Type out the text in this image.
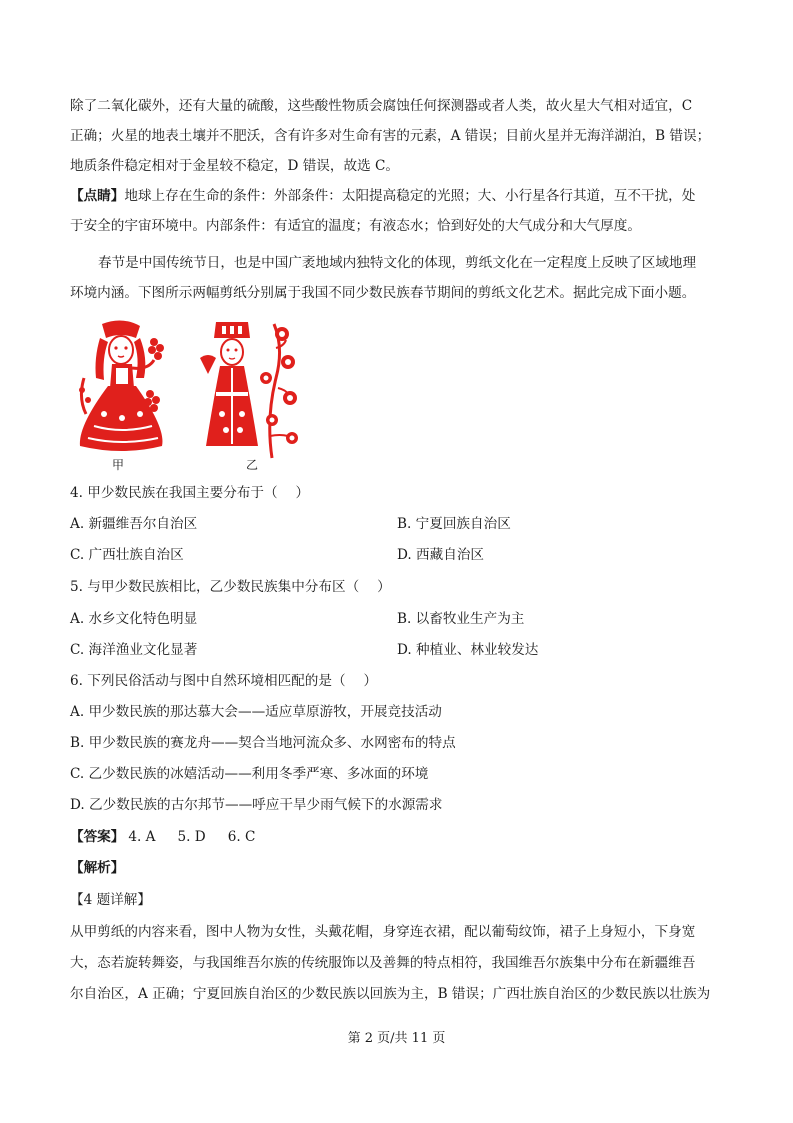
除了二氧化碳外，还有大量的硫酸，这些酸性物质会腐蚀任何探测器或者人类，故火星大气相对适宜，C
正确；火星的地表土壤并不肥沃，含有许多对生命有害的元素，A 错误；目前火星并无海洋湖泊，B 错误；
地质条件稳定相对于金星较不稳定，D 错误，故选 C。
【点睛】地球上存在生命的条件：外部条件：太阳提高稳定的光照；大、小行星各行其道，互不干扰，处
于安全的宇宙环境中。内部条件：有适宜的温度；有液态水；恰到好处的大气成分和大气厚度。
春节是中国传统节日，也是中国广袤地域内独特文化的体现，剪纸文化在一定程度上反映了区域地理
环境内涵。下图所示两幅剪纸分别属于我国不同少数民族春节期间的剪纸文化艺术。据此完成下面小题。
甲	乙
4. 甲少数民族在我国主要分布于（　 ）
A. 新疆维吾尔自治区	B. 宁夏回族自治区
C. 广西壮族自治区	D. 西藏自治区
5. 与甲少数民族相比，乙少数民族集中分布区（　 ）
A. 水乡文化特色明显	B. 以畜牧业生产为主
C. 海洋渔业文化显著	D. 种植业、林业较发达
6. 下列民俗活动与图中自然环境相匹配的是（　 ）
A. 甲少数民族的那达慕大会——适应草原游牧，开展竞技活动
B. 甲少数民族的赛龙舟——契合当地河流众多、水网密布的特点
C. 乙少数民族的冰嬉活动——利用冬季严寒、多冰面的环境
D. 乙少数民族的古尔邦节——呼应干旱少雨气候下的水源需求
【答案】 4. A 5. D 6. C
【解析】
【4 题详解】
从甲剪纸的内容来看，图中人物为女性，头戴花帽，身穿连衣裙，配以葡萄纹饰，裙子上身短小，下身宽
大，态若旋转舞姿，与我国维吾尔族的传统服饰以及善舞的特点相符，我国维吾尔族集中分布在新疆维吾
尔自治区，A 正确；宁夏回族自治区的少数民族以回族为主，B 错误；广西壮族自治区的少数民族以壮族为
第 2 页/共 11 页
